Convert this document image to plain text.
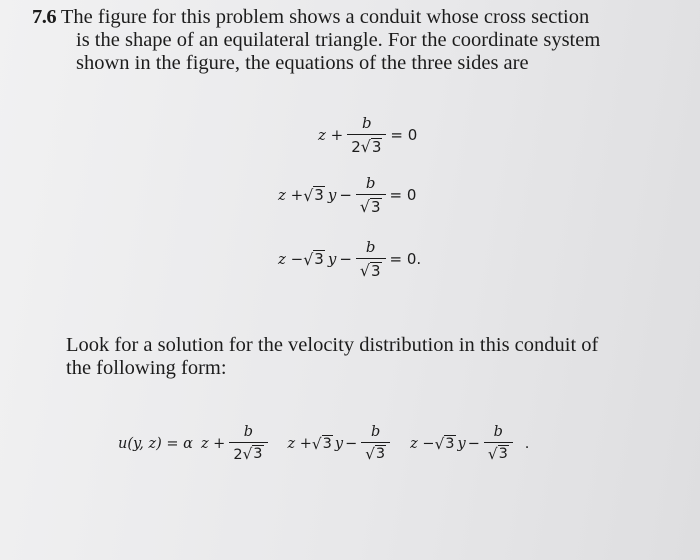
7.6 The figure for this problem shows a conduit whose cross section
is the shape of an equilateral triangle. For the coordinate system
shown in the figure, the equations of the three sides are
$z + \frac{b}{2 √ 3} = 0$
z + √ 3 $y - \frac{b}{√ 3} = 0$
z − √ 3 $y - \frac{b}{√ 3} = 0$.
Look for a solution for the velocity distribution in this conduit of
the following form:
u(y, z) = α $z + \frac{b}{2 √ 3}$ z + √ 3 $y - \frac{b}{√ 3}$ z − √ 3 $y - \frac{b}{√ 3}$ .
